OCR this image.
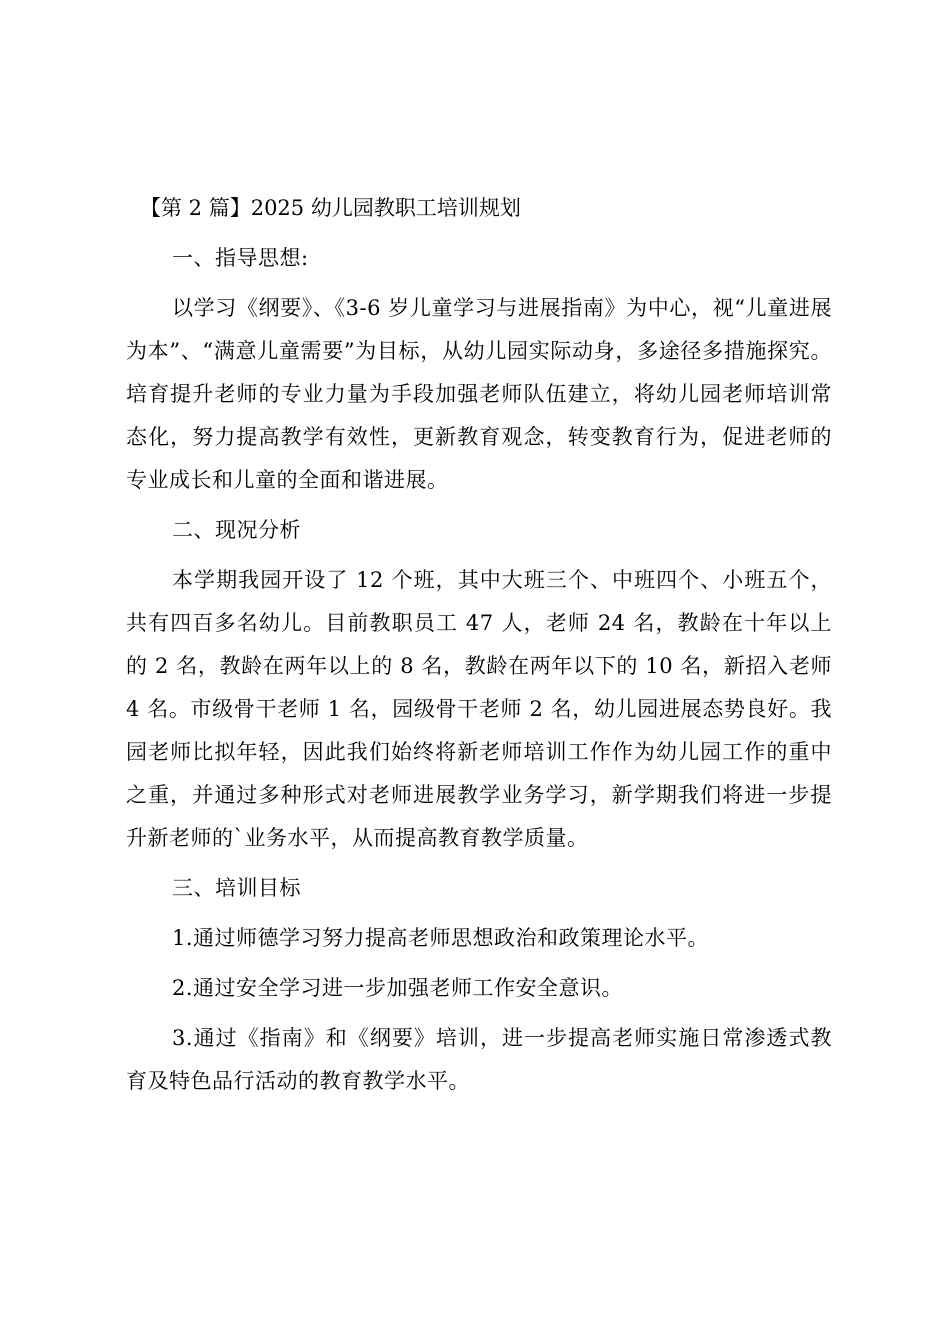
【第 2 篇】2025 幼儿园教职工培训规划
一、指导思想:
以学习《纲要》、《3-6 岁儿童学习与进展指南》为中心，视“儿童进展为本”、“满意儿童需要”为目标，从幼儿园实际动身，多途径多措施探究。培育提升老师的专业力量为手段加强老师队伍建立，将幼儿园老师培训常态化，努力提高教学有效性，更新教育观念，转变教育行为，促进老师的专业成长和儿童的全面和谐进展。
二、现况分析
本学期我园开设了 12 个班，其中大班三个、中班四个、小班五个，共有四百多名幼儿。目前教职员工 47 人，老师 24 名，教龄在十年以上的 2 名，教龄在两年以上的 8 名，教龄在两年以下的 10 名，新招入老师 4 名。市级骨干老师 1 名，园级骨干老师 2 名，幼儿园进展态势良好。我园老师比拟年轻，因此我们始终将新老师培训工作作为幼儿园工作的重中之重，并通过多种形式对老师进展教学业务学习，新学期我们将进一步提升新老师的`业务水平，从而提高教育教学质量。
三、培训目标
1.通过师德学习努力提高老师思想政治和政策理论水平。
2.通过安全学习进一步加强老师工作安全意识。
3.通过《指南》和《纲要》培训，进一步提高老师实施日常渗透式教育及特色品行活动的教育教学水平。
